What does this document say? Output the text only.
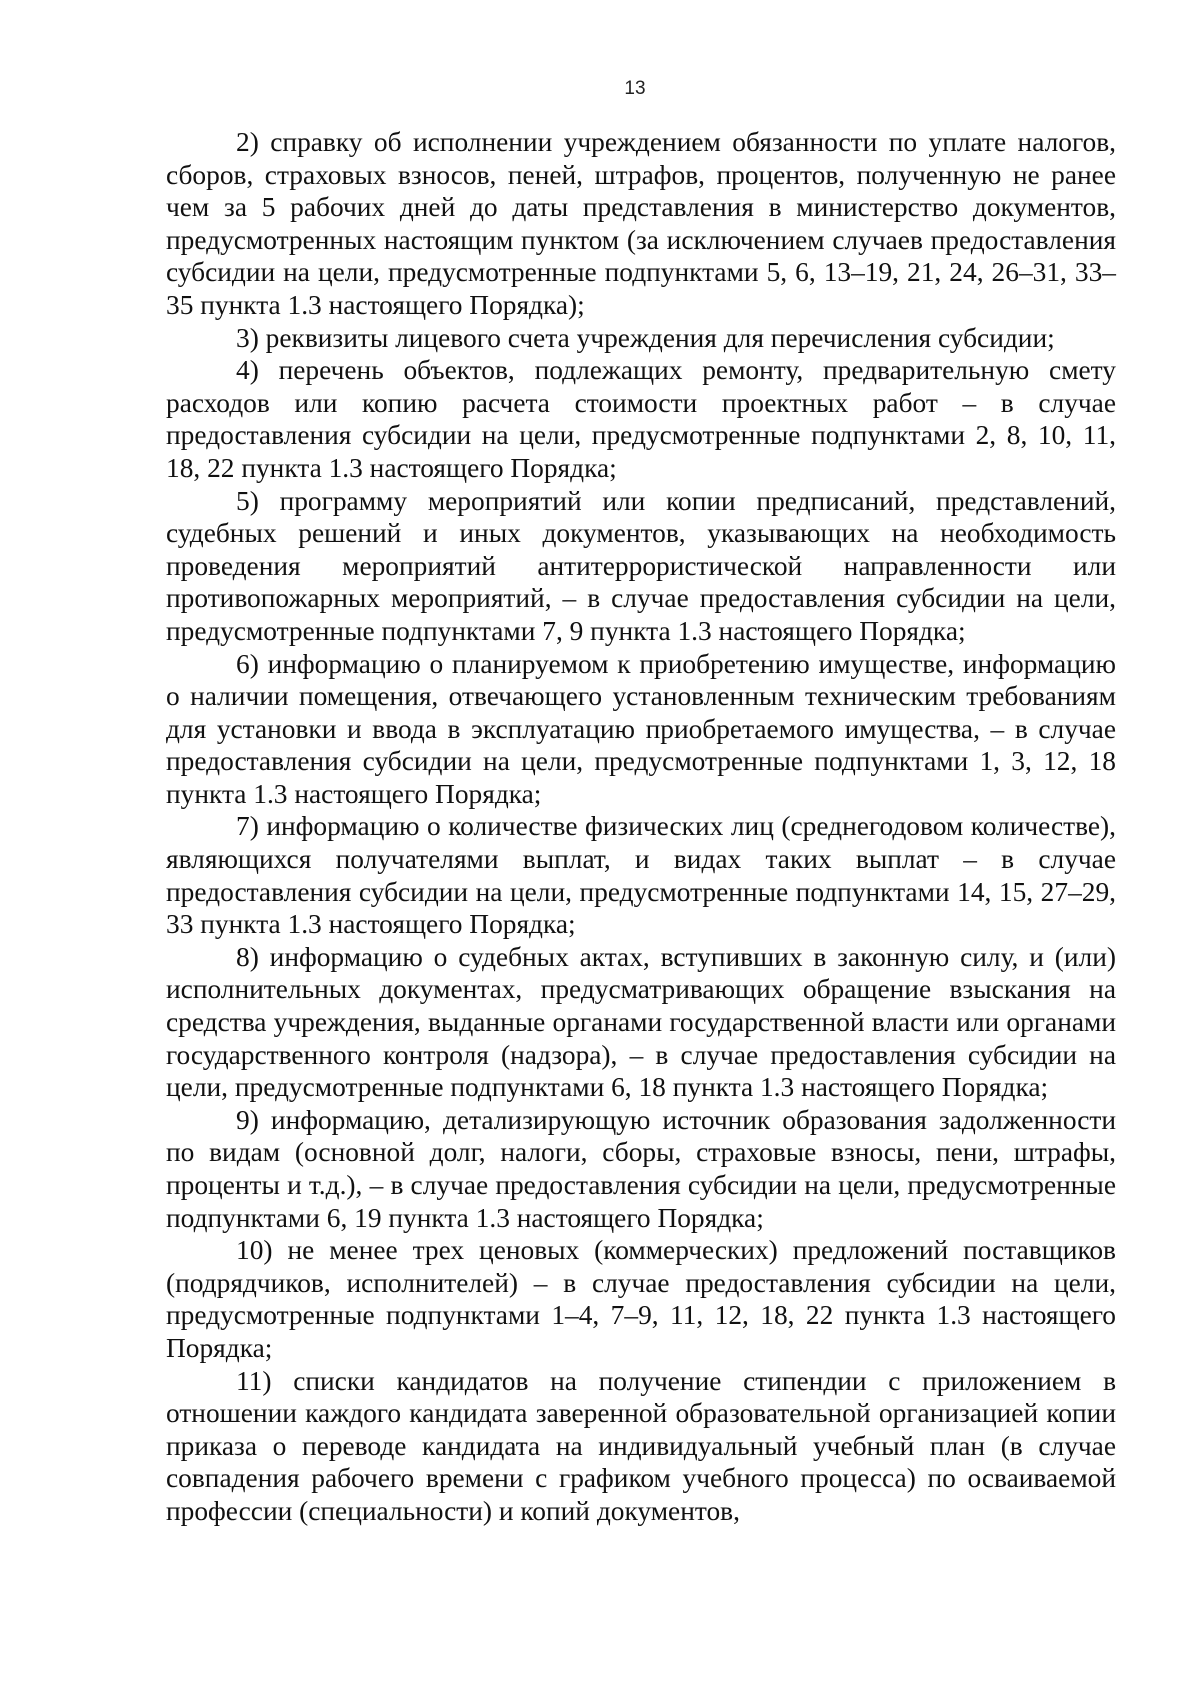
13

2) справку об исполнении учреждением обязанности по уплате налогов, сборов, страховых взносов, пеней, штрафов, процентов, полученную не ранее чем за 5 рабочих дней до даты представления в министерство документов, предусмотренных настоящим пунктом (за исключением случаев предоставления субсидии на цели, предусмотренные подпунктами 5, 6, 13–19, 21, 24, 26–31, 33–35 пункта 1.3 настоящего Порядка);

3) реквизиты лицевого счета учреждения для перечисления субсидии;

4) перечень объектов, подлежащих ремонту, предварительную смету расходов или копию расчета стоимости проектных работ – в случае предоставления субсидии на цели, предусмотренные подпунктами 2, 8, 10, 11, 18, 22 пункта 1.3 настоящего Порядка;

5) программу мероприятий или копии предписаний, представлений, судебных решений и иных документов, указывающих на необходимость проведения мероприятий антитеррористической направленности или противопожарных мероприятий, – в случае предоставления субсидии на цели, предусмотренные подпунктами 7, 9 пункта 1.3 настоящего Порядка;

6) информацию о планируемом к приобретению имуществе, информацию о наличии помещения, отвечающего установленным техническим требованиям для установки и ввода в эксплуатацию приобретаемого имущества, – в случае предоставления субсидии на цели, предусмотренные подпунктами 1, 3, 12, 18 пункта 1.3 настоящего Порядка;

7) информацию о количестве физических лиц (среднегодовом количестве), являющихся получателями выплат, и видах таких выплат – в случае предоставления субсидии на цели, предусмотренные подпунктами 14, 15, 27–29, 33 пункта 1.3 настоящего Порядка;

8) информацию о судебных актах, вступивших в законную силу, и (или) исполнительных документах, предусматривающих обращение взыскания на средства учреждения, выданные органами государственной власти или органами государственного контроля (надзора), – в случае предоставления субсидии на цели, предусмотренные подпунктами 6, 18 пункта 1.3 настоящего Порядка;

9) информацию, детализирующую источник образования задолженности по видам (основной долг, налоги, сборы, страховые взносы, пени, штрафы, проценты и т.д.), – в случае предоставления субсидии на цели, предусмотренные подпунктами 6, 19 пункта 1.3 настоящего Порядка;

10) не менее трех ценовых (коммерческих) предложений поставщиков (подрядчиков, исполнителей) – в случае предоставления субсидии на цели, предусмотренные подпунктами 1–4, 7–9, 11, 12, 18, 22 пункта 1.3 настоящего Порядка;

11) списки кандидатов на получение стипендии с приложением в отношении каждого кандидата заверенной образовательной организацией копии приказа о переводе кандидата на индивидуальный учебный план (в случае совпадения рабочего времени с графиком учебного процесса) по осваиваемой профессии (специальности) и копий документов,
